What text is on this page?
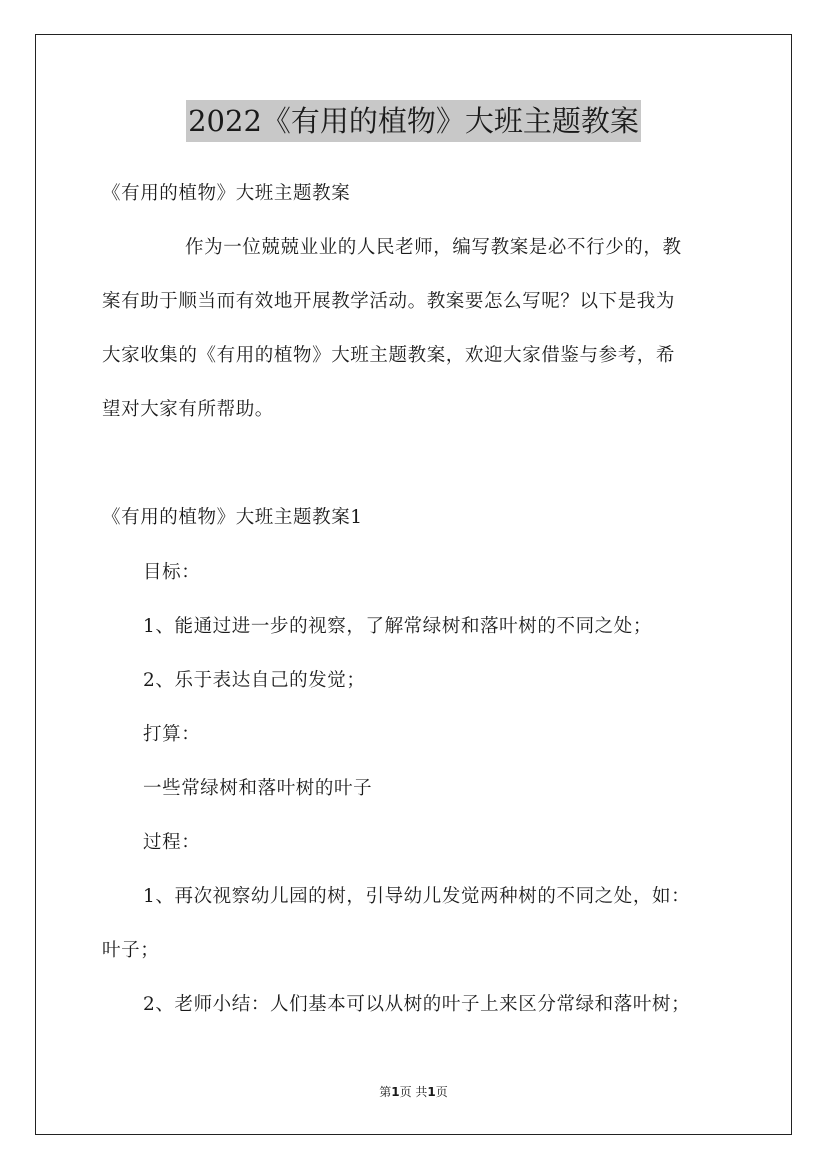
2022《有用的植物》大班主题教案
《有用的植物》大班主题教案
作为一位兢兢业业的人民老师，编写教案是必不行少的，教
案有助于顺当而有效地开展教学活动。教案要怎么写呢？以下是我为
大家收集的《有用的植物》大班主题教案，欢迎大家借鉴与参考，希
望对大家有所帮助。
《有用的植物》大班主题教案1
目标：
1、能通过进一步的视察，了解常绿树和落叶树的不同之处；
2、乐于表达自己的发觉；
打算：
一些常绿树和落叶树的叶子
过程：
1、再次视察幼儿园的树，引导幼儿发觉两种树的不同之处，如：
叶子；
2、老师小结：人们基本可以从树的叶子上来区分常绿和落叶树；
第1页 共1页
